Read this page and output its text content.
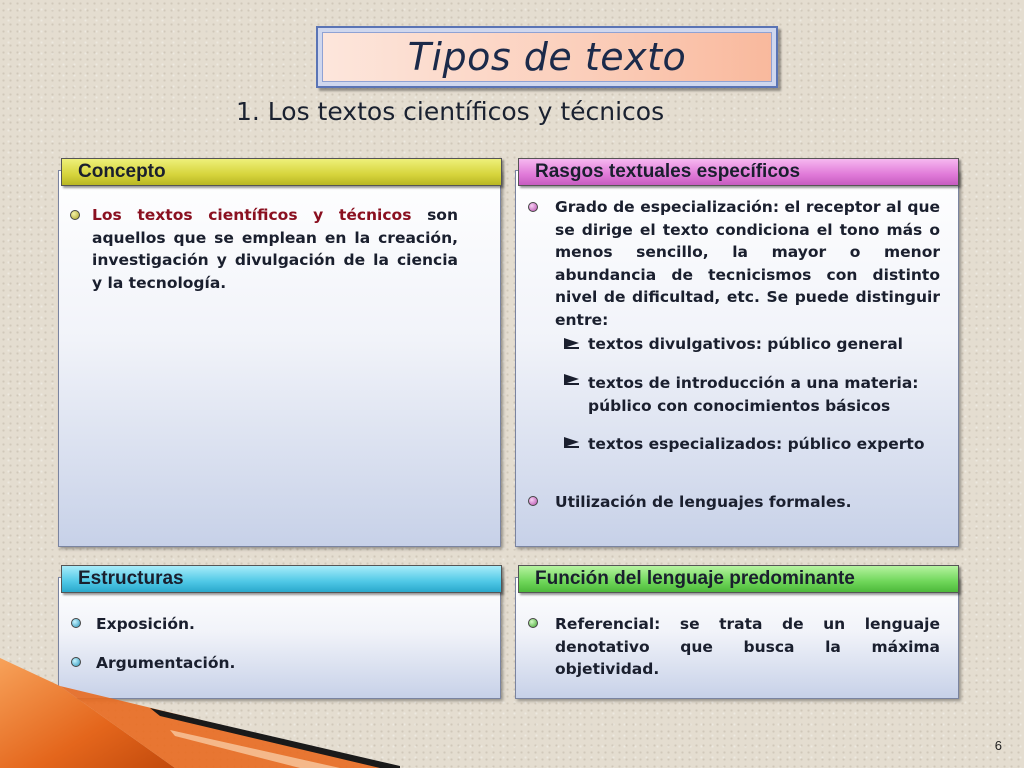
Tipos de texto
1. Los textos científicos y técnicos
Concepto
Los textos científicos y técnicos son aquellos que se emplean en la creación, investigación y divulgación de la ciencia y la tecnología.
Rasgos textuales específicos
Grado de especialización: el receptor al que se dirige el texto condiciona el tono más o menos sencillo, la mayor o menor abundancia de tecnicismos con distinto nivel de dificultad, etc. Se puede distinguir entre:
textos divulgativos: público general
textos de introducción a una materia: público con conocimientos básicos
textos especializados: público experto
Utilización de lenguajes formales.
Estructuras
Exposición.
Argumentación.
Función del lenguaje predominante
Referencial: se trata de un lenguaje denotativo que busca la máxima objetividad.
6
